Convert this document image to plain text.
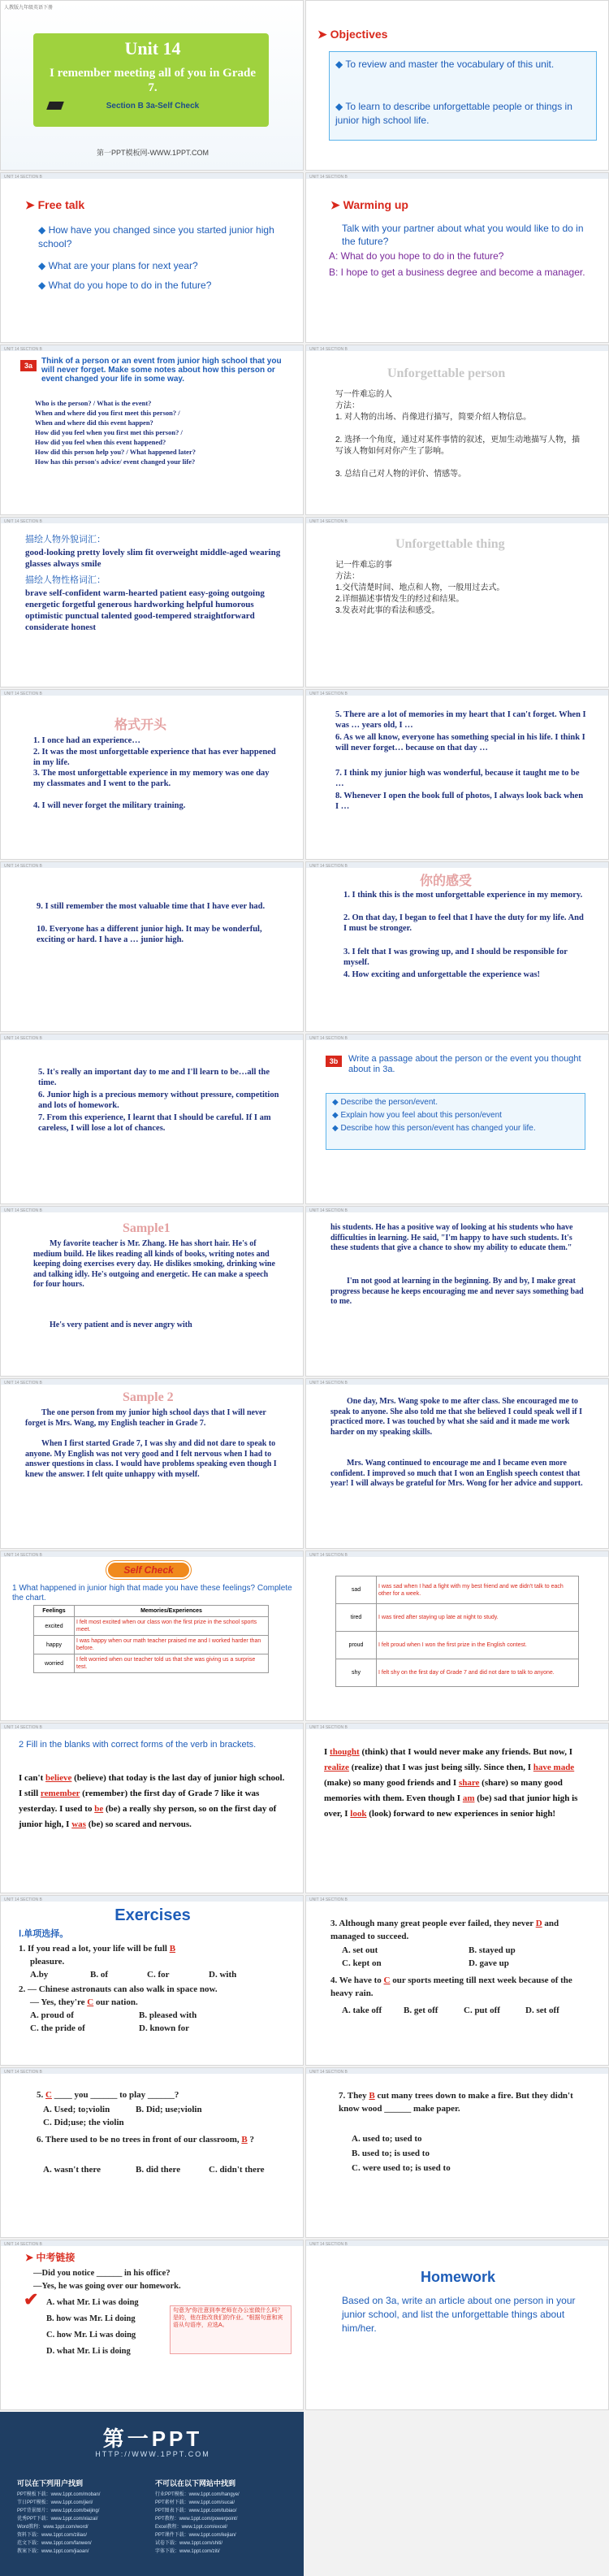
人教版九年级英语下册
Unit 14
I remember meeting all of you in Grade 7.
Section B 3a-Self Check
第一PPT模板网-WWW.1PPT.COM
➤ Objectives
◆ To review and master the vocabulary of this unit.
◆ To learn to describe unforgettable people or things in junior high school life.
UNIT 14 SECTION B
➤ Free talk
◆ How have you changed since you started junior high school?
◆ What are your plans for next year?
◆ What do you hope to do in the future?
UNIT 14 SECTION B
➤ Warming up
Talk with your partner about what you would like to do in the future?
A: What do you hope to do in the future?
B: I hope to get a business degree and become a manager.
UNIT 14 SECTION B
3a	Think of a person or an event from junior high school that you will never forget. Make some notes about how this person or event changed your life in some way.
Who is the person? / What is the event?
When and where did you first meet this person? /
When and where did this event happen?
How did you feel when you first met this person? /
How did you feel when this event happened?
How did this person help you? / What happened later?
How has this person's advice/ event changed your life?
UNIT 14 SECTION B
Unforgettable person
写一件难忘的人
方法：
1. 对人物的出场、肖像进行描写，简要介绍人物信息。
2. 选择一个角度，通过对某件事情的叙述，更加生动地描写人物，描写该人物如何对你产生了影响。
3. 总结自己对人物的评价、情感等。
UNIT 14 SECTION B
描绘人物外貌词汇：
good-looking pretty lovely slim fit overweight middle-aged wearing glasses always smile
描绘人物性格词汇：
brave self-confident warm-hearted patient easy-going outgoing energetic forgetful generous hardworking helpful humorous optimistic punctual talented good-tempered straightforward considerate honest
UNIT 14 SECTION B
Unforgettable thing
记一件难忘的事
方法：
1.交代清楚时间、地点和人物，一般用过去式。
2.详细描述事情发生的经过和结果。
3.发表对此事的看法和感受。
UNIT 14 SECTION B
格式开头
1. I once had an experience…
2. It was the most unforgettable experience that has ever happened in my life.
3. The most unforgettable experience in my memory was one day my classmates and I went to the park.
4. I will never forget the military training.
UNIT 14 SECTION B
5. There are a lot of memories in my heart that I can't forget. When I was … years old, I …
6. As we all know, everyone has something special in his life. I think I will never forget… because on that day …
7. I think my junior high was wonderful, because it taught me to be …
8. Whenever I open the book full of photos, I always look back when I …
UNIT 14 SECTION B
9. I still remember the most valuable time that I have ever had.
10. Everyone has a different junior high. It may be wonderful, exciting or hard. I have a … junior high.
UNIT 14 SECTION B
你的感受
1. I think this is the most unforgettable experience in my memory.
2. On that day, I began to feel that I have the duty for my life. And I must be stronger.
3. I felt that I was growing up, and I should be responsible for myself.
4. How exciting and unforgettable the experience was!
UNIT 14 SECTION B
5. It's really an important day to me and I'll learn to be…all the time.
6. Junior high is a precious memory without pressure, competition and lots of homework.
7. From this experience, I learnt that I should be careful. If I am careless, I will lose a lot of chances.
UNIT 14 SECTION B
3b	Write a passage about the person or the event you thought about in 3a.
◆ Describe the person/event.
◆ Explain how you feel about this person/event
◆ Describe how this person/event has changed your life.
UNIT 14 SECTION B
Sample1
My favorite teacher is Mr. Zhang. He has short hair. He's of medium build. He likes reading all kinds of books, writing notes and keeping doing exercises every day. He dislikes smoking, drinking wine and talking idly. He's outgoing and energetic. He can make a speech for four hours.
He's very patient and is never angry with
UNIT 14 SECTION B
his students. He has a positive way of looking at his students who have difficulties in learning. He said, "I'm happy to have such students. It's these students that give a chance to show my ability to educate them."
I'm not good at learning in the beginning. By and by, I make great progress because he keeps encouraging me and never says something bad to me.
UNIT 14 SECTION B
Sample 2
The one person from my junior high school days that I will never forget is Mrs. Wang, my English teacher in Grade 7.
When I first started Grade 7, I was shy and did not dare to speak to anyone. My English was not very good and I felt nervous when I had to answer questions in class. I would have problems speaking even though I knew the answer. I felt quite unhappy with myself.
UNIT 14 SECTION B
One day, Mrs. Wang spoke to me after class. She encouraged me to speak to anyone. She also told me that she believed I could speak well if I practiced more. I was touched by what she said and it made me work harder on my speaking skills.
Mrs. Wang continued to encourage me and I became even more confident. I improved so much that I won an English speech contest that year! I will always be grateful for Mrs. Wong for her advice and support.
UNIT 14 SECTION B
Self Check
1 What happened in junior high that made you have these feelings? Complete the chart.
Feelings	Memories/Experiences
excited	I felt most excited when our class won the first prize in the school sports meet.
happy	I was happy when our math teacher praised me and I worked harder than before.
worried	I felt worried when our teacher told us that she was giving us a surprise test.
UNIT 14 SECTION B
sad	I was sad when I had a fight with my best friend and we didn't talk to each other for a week.
tired	I was tired after staying up late at night to study.
proud	I felt proud when I won the first prize in the English contest.
shy	I felt shy on the first day of Grade 7 and did not dare to talk to anyone.
UNIT 14 SECTION B
2 Fill in the blanks with correct forms of the verb in brackets.
I can't believe (believe) that today is the last day of junior high school. I still remember (remember) the first day of Grade 7 like it was yesterday. I used to be (be) a really shy person, so on the first day of junior high, I was (be) so scared and nervous.
UNIT 14 SECTION B
I thought (think) that I would never make any friends. But now, I realize (realize) that I was just being silly. Since then, I have made (make) so many good friends and I share (share) so many good memories with them. Even though I am (be) sad that junior high is over, I look (look) forward to new experiences in senior high!
UNIT 14 SECTION B
Exercises
Ⅰ.单项选择。
1. If you read a lot, your life will be full B
pleasure.
A.by	B. of	C. for	D. with
2. — Chinese astronauts can also walk in space now.
— Yes, they're C our nation.
A. proud of	B. pleased with
C. the pride of	D. known for
UNIT 14 SECTION B
3. Although many great people ever failed, they never D and managed to succeed.
A. set out	B. stayed up
C. kept on	D. gave up
4. We have to C our sports meeting till next week because of the heavy rain.
A. take off B. get off	C. put off	D. set off
UNIT 14 SECTION B
5. C ____ you ______ to play ______?
A. Used; to;violin	B. Did; use;violin
C. Did;use; the violin
6. There used to be no trees in front of our classroom, B ?
A. wasn't there	B. did there	C. didn't there
UNIT 14 SECTION B
7. They B cut many trees down to make a fire. But they didn't know wood ______ make paper.
A. used to; used to
B. used to; is used to
C. were used to; is used to
UNIT 14 SECTION B
➤ 中考链接
—Did you notice ______ in his office?
—Yes, he was going over our homework.
✔ A. what Mr. Li was doing
B. how was Mr. Li doing
C. how Mr. Li was doing
D. what Mr. Li is doing
句意为"你注意到李老师在办公室做什么吗？是的，他在批改我们的作业。"根据句意和宾语从句语序，应选A。
UNIT 14 SECTION B
Homework
Based on 3a, write an article about one person in your junior school, and list the unforgettable things about him/her.
第一PPT
HTTP://WWW.1PPT.COM
可以在下列用户找到	不可以在以下网站中找到
PPT模板下载：www.1ppt.com/moban/
节日PPT模板：www.1ppt.com/jieri/
PPT背景图片：www.1ppt.com/beijing/
优秀PPT下载：www.1ppt.com/xiazai/
Word教程：www.1ppt.com/word/
资料下载：www.1ppt.com/ziliao/
范文下载：www.1ppt.com/fanwen/
教案下载：www.1ppt.com/jiaoan/
行业PPT模板：www.1ppt.com/hangye/
PPT素材下载：www.1ppt.com/sucai/
PPT图表下载：www.1ppt.com/tubiao/
PPT教程：www.1ppt.com/powerpoint/
Excel教程：www.1ppt.com/excel/
PPT课件下载：www.1ppt.com/kejian/
试卷下载：www.1ppt.com/shiti/
字体下载：www.1ppt.com/ziti/
